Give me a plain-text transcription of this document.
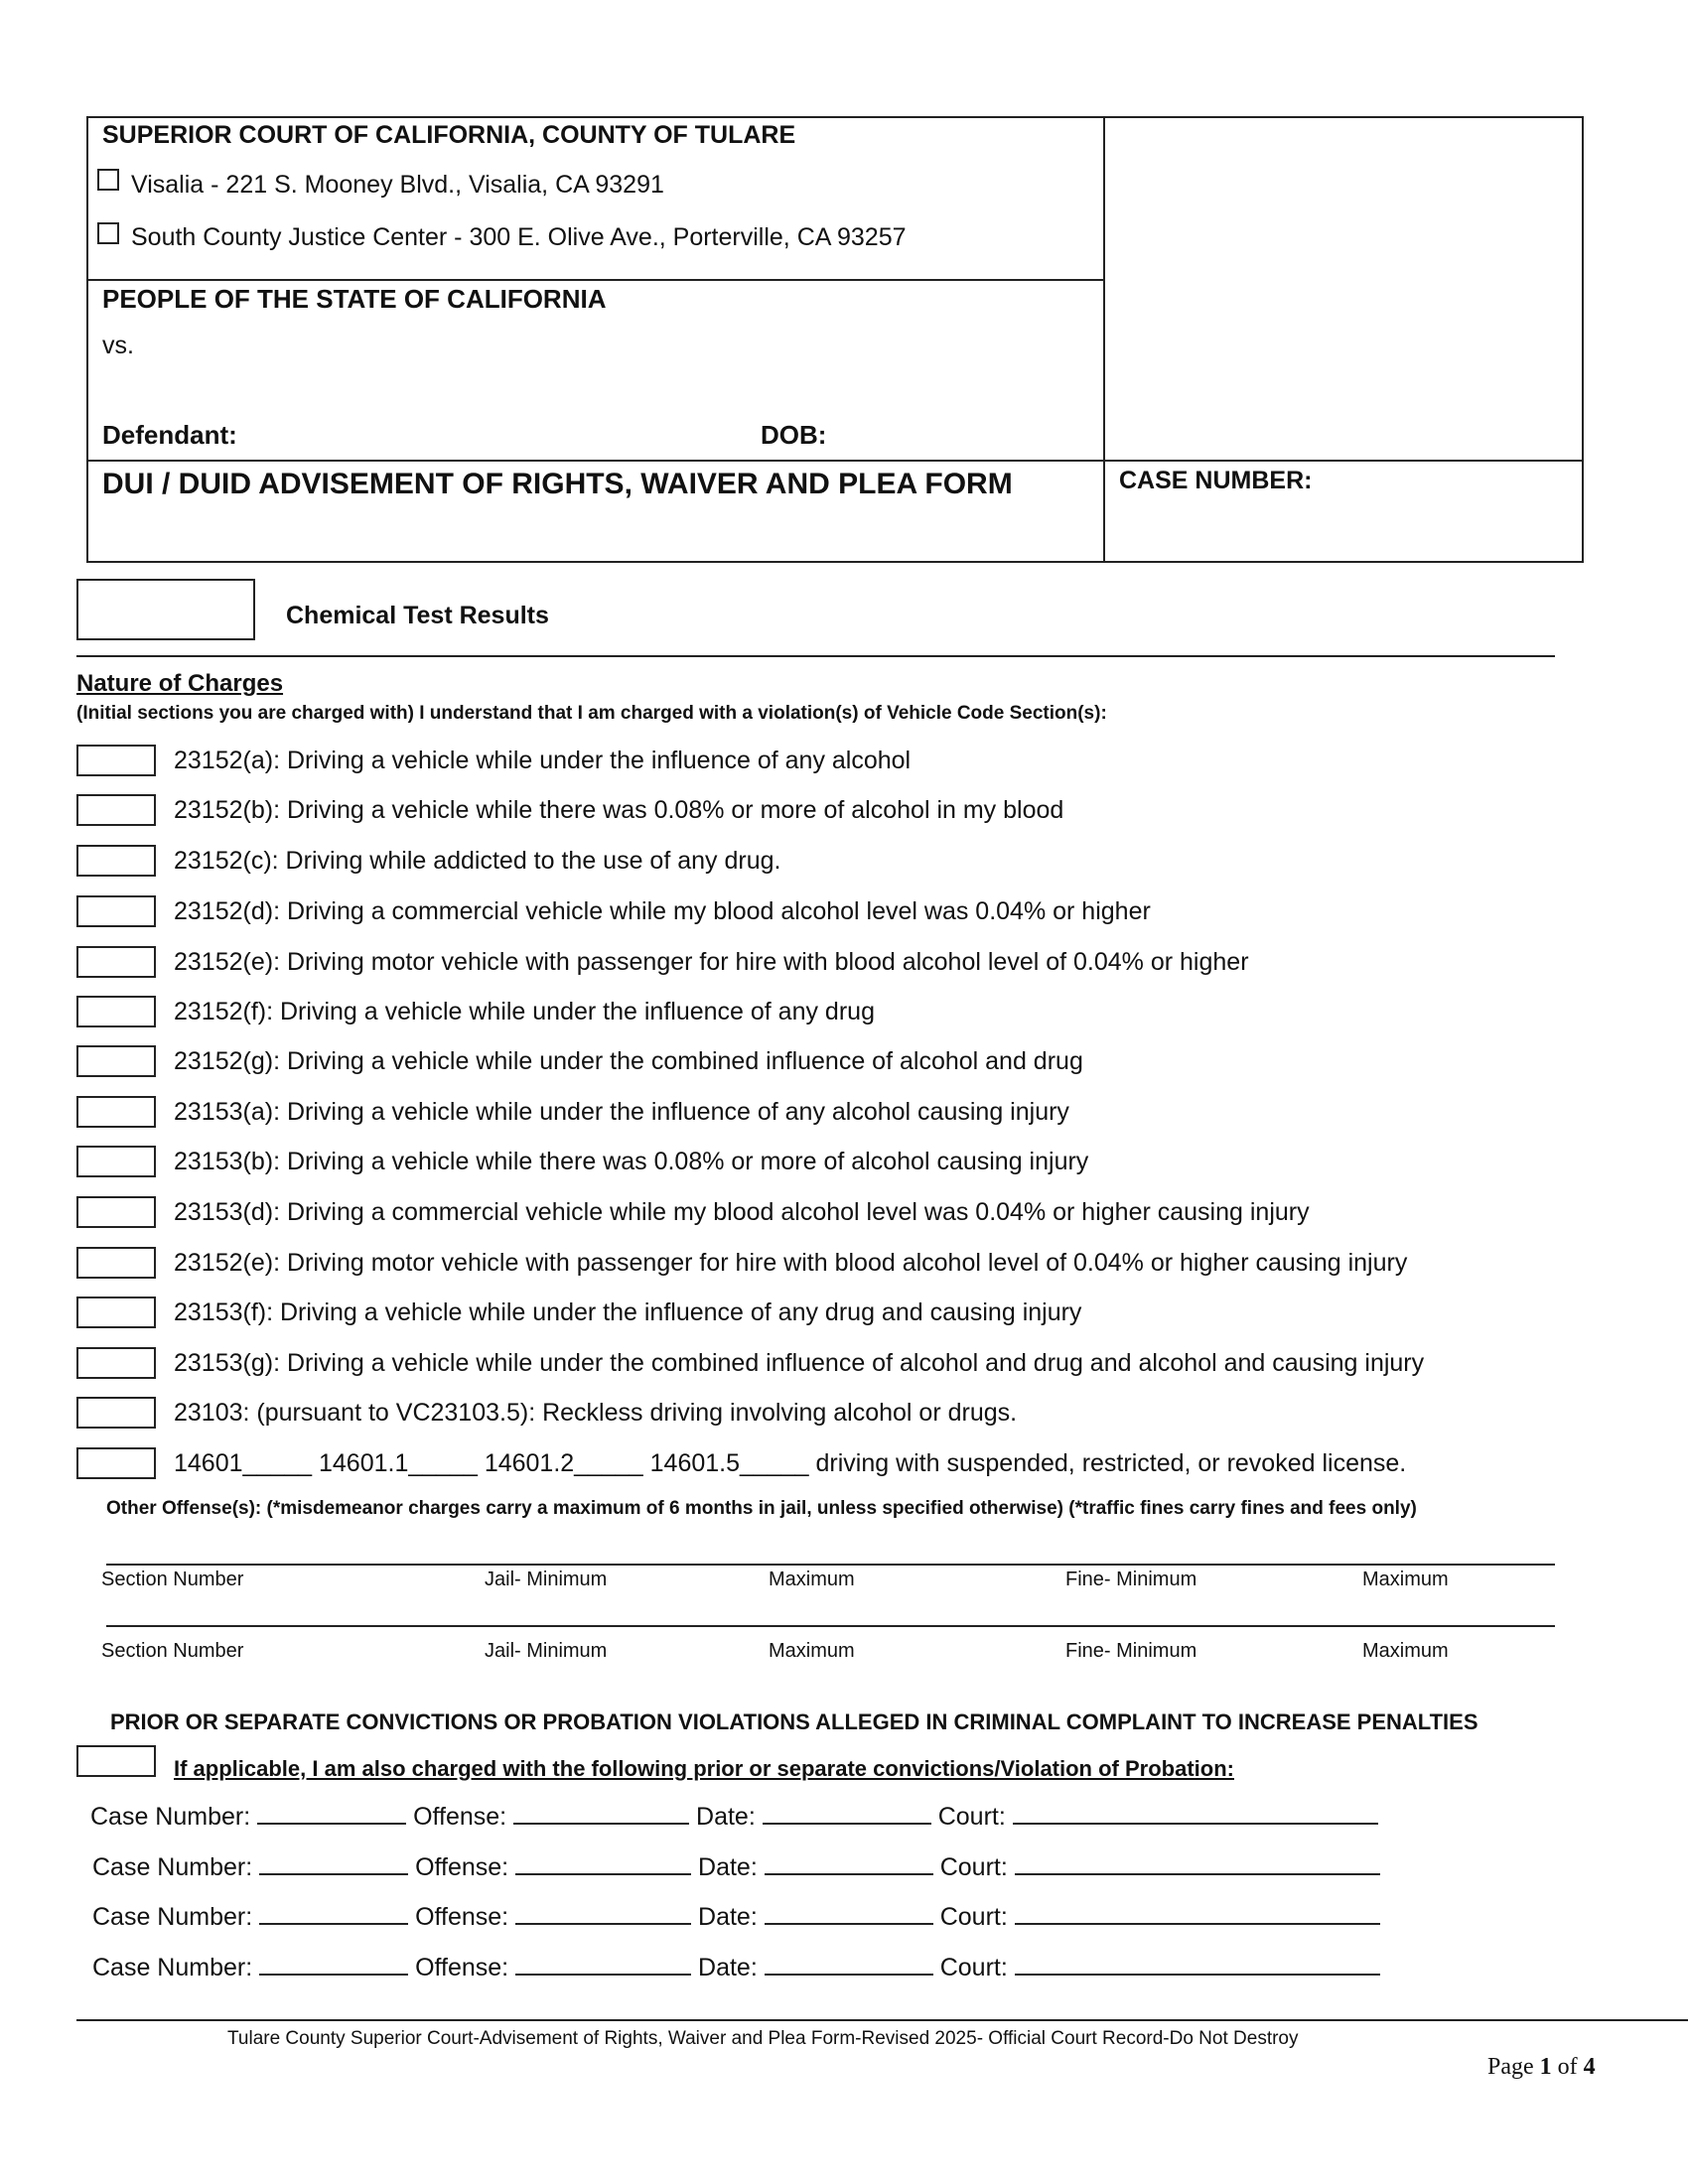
SUPERIOR COURT OF CALIFORNIA, COUNTY OF TULARE
Visalia - 221 S. Mooney Blvd., Visalia, CA 93291
South County Justice Center - 300 E. Olive Ave., Porterville, CA 93257
PEOPLE OF THE STATE OF CALIFORNIA
vs.
Defendant:	DOB:
DUI / DUID ADVISEMENT OF RIGHTS, WAIVER AND PLEA FORM	CASE NUMBER:
Chemical Test Results
Nature of Charges
(Initial sections you are charged with) I understand that I am charged with a violation(s) of Vehicle Code Section(s):
23152(a): Driving a vehicle while under the influence of any alcohol
23152(b): Driving a vehicle while there was 0.08% or more of alcohol in my blood
23152(c): Driving while addicted to the use of any drug.
23152(d): Driving a commercial vehicle while my blood alcohol level was 0.04% or higher
23152(e): Driving motor vehicle with passenger for hire with blood alcohol level of 0.04% or higher
23152(f): Driving a vehicle while under the influence of any drug
23152(g): Driving a vehicle while under the combined influence of alcohol and drug
23153(a): Driving a vehicle while under the influence of any alcohol causing injury
23153(b): Driving a vehicle while there was 0.08% or more of alcohol causing injury
23153(d): Driving a commercial vehicle while my blood alcohol level was 0.04% or higher causing injury
23152(e): Driving motor vehicle with passenger for hire with blood alcohol level of 0.04% or higher causing injury
23153(f): Driving a vehicle while under the influence of any drug and causing injury
23153(g): Driving a vehicle while under the combined influence of alcohol and drug and alcohol and causing injury
23103: (pursuant to VC23103.5): Reckless driving involving alcohol or drugs.
14601_____ 14601.1_____ 14601.2_____ 14601.5_____ driving with suspended, restricted, or revoked license.
Other Offense(s): (*misdemeanor charges carry a maximum of 6 months in jail, unless specified otherwise) (*traffic fines carry fines and fees only)
Section Number	Jail- Minimum	Maximum	Fine- Minimum	Maximum
Section Number	Jail- Minimum	Maximum	Fine- Minimum	Maximum
PRIOR OR SEPARATE CONVICTIONS OR PROBATION VIOLATIONS ALLEGED IN CRIMINAL COMPLAINT TO INCREASE PENALTIES
If applicable, I am also charged with the following prior or separate convictions/Violation of Probation:
Case Number:	Offense:	Date:	Court:
Case Number:	Offense:	Date:	Court:
Case Number:	Offense:	Date:	Court:
Case Number:	Offense:	Date:	Court:
Tulare County Superior Court-Advisement of Rights, Waiver and Plea Form-Revised 2025- Official Court Record-Do Not Destroy
Page 1 of 4
